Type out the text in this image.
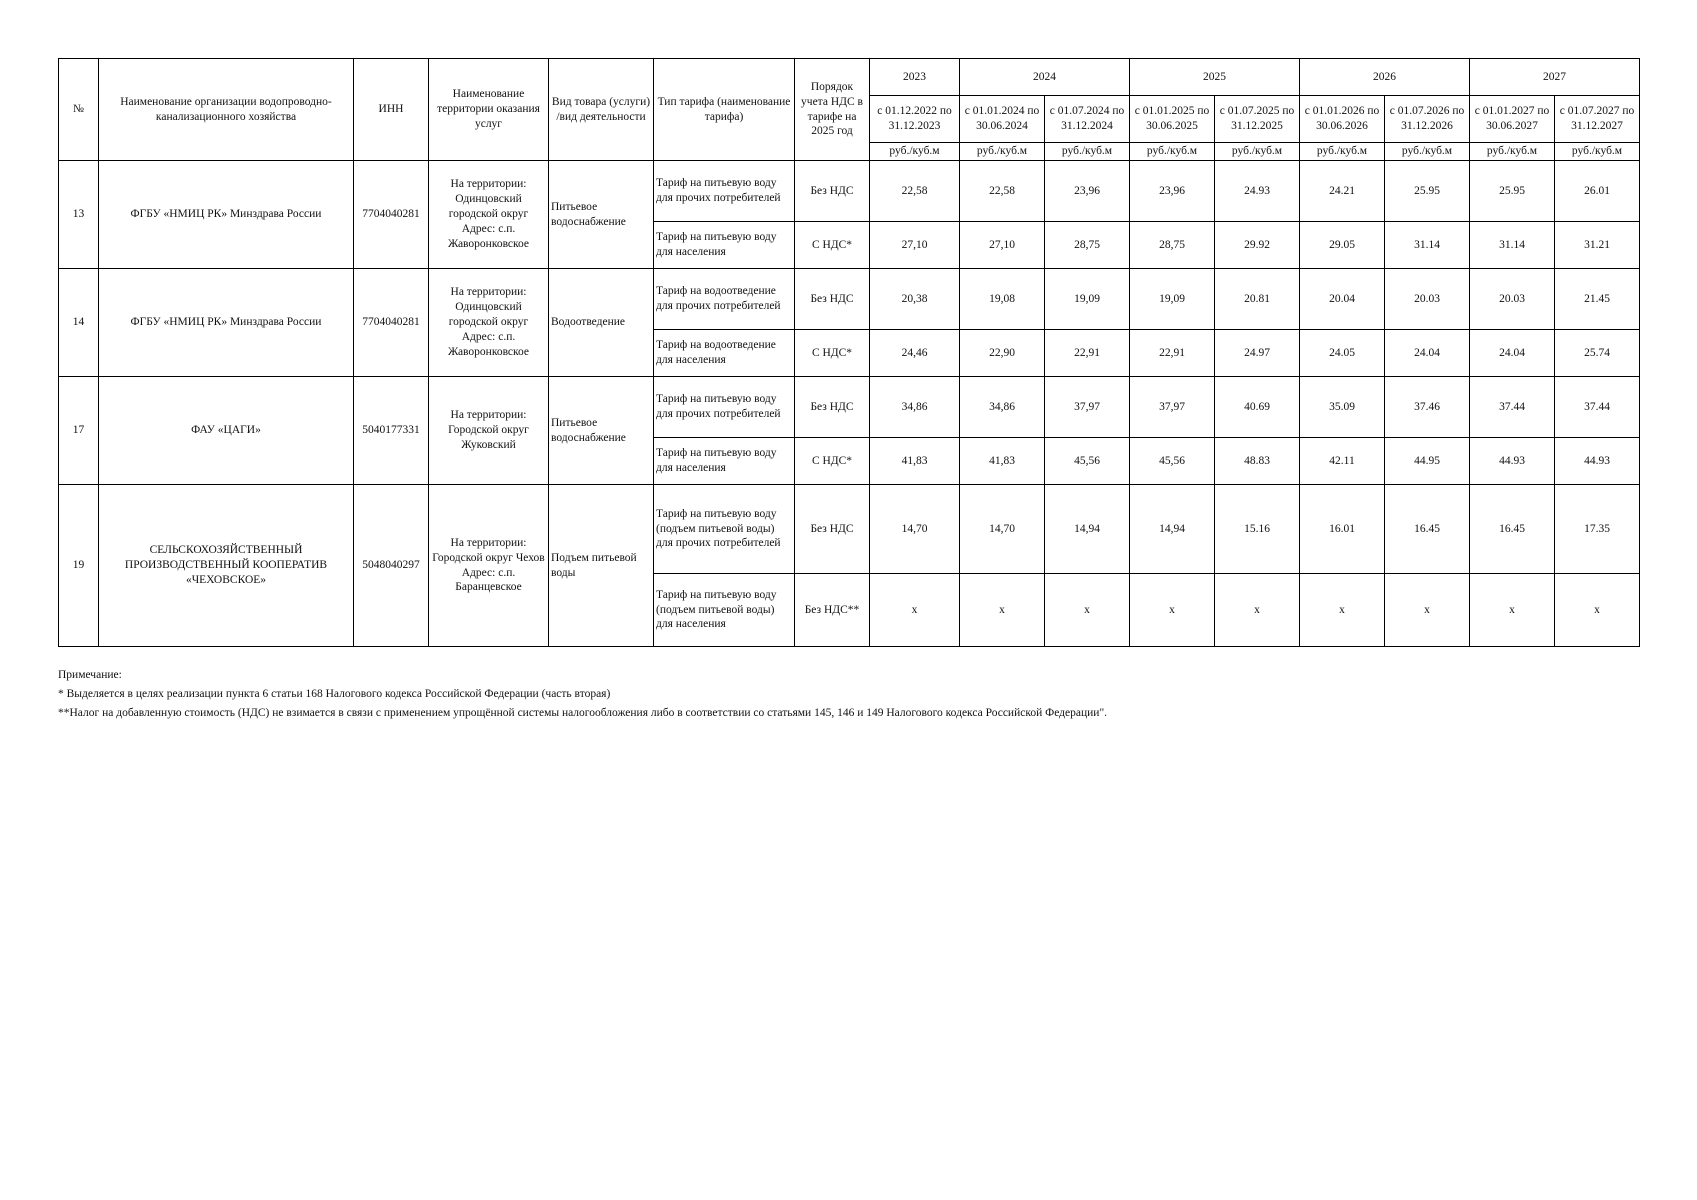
№	Наименование организации водопроводно-канализационного хозяйства	ИНН	Наименование территории оказания услуг	Вид товара (услуги) /вид деятельности	Тип тарифа (наименование тарифа)	Порядок учета НДС в тарифе на 2025 год	2023	2024		2025		2026		2027	
							с 01.12.2022 по 31.12.2023	с 01.01.2024 по 30.06.2024	с 01.07.2024 по 31.12.2024	с 01.01.2025 по 30.06.2025	с 01.07.2025 по 31.12.2025	с 01.01.2026 по 30.06.2026	с 01.07.2026 по 31.12.2026	с 01.01.2027 по 30.06.2027	с 01.07.2027 по 31.12.2027
							руб./куб.м	руб./куб.м	руб./куб.м	руб./куб.м	руб./куб.м	руб./куб.м	руб./куб.м	руб./куб.м	руб./куб.м
13	ФГБУ «НМИЦ РК» Минздрава России	7704040281	На территории: Одинцовский городской округ Адрес: с.п. Жаворонковское	Питьевое водоснабжение	Тариф на питьевую воду для прочих потребителей	Без НДС	22,58	22,58	23,96	23,96	24.93	24.21	25.95	25.95	26.01
					Тариф на питьевую воду для населения	С НДС*	27,10	27,10	28,75	28,75	29.92	29.05	31.14	31.14	31.21
14	ФГБУ «НМИЦ РК» Минздрава России	7704040281	На территории: Одинцовский городской округ Адрес: с.п. Жаворонковское	Водоотведение	Тариф на водоотведение для прочих потребителей	Без НДС	20,38	19,08	19,09	19,09	20.81	20.04	20.03	20.03	21.45
					Тариф на водоотведение для населения	С НДС*	24,46	22,90	22,91	22,91	24.97	24.05	24.04	24.04	25.74
17	ФАУ «ЦАГИ»	5040177331	На территории: Городской округ Жуковский	Питьевое водоснабжение	Тариф на питьевую воду для прочих потребителей	Без НДС	34,86	34,86	37,97	37,97	40.69	35.09	37.46	37.44	37.44
					Тариф на питьевую воду для населения	С НДС*	41,83	41,83	45,56	45,56	48.83	42.11	44.95	44.93	44.93
19	СЕЛЬСКОХОЗЯЙСТВЕННЫЙ ПРОИЗВОДСТВЕННЫЙ КООПЕРАТИВ «ЧЕХОВСКОЕ»	5048040297	На территории: Городской округ Чехов Адрес: с.п. Баранцевское	Подъем питьевой воды	Тариф на питьевую воду (подъем питьевой воды) для прочих потребителей	Без НДС	14,70	14,70	14,94	14,94	15.16	16.01	16.45	16.45	17.35
					Тариф на питьевую воду (подъем питьевой воды) для населения	Без НДС**	х	х	х	х	х	х	х	х	х
Примечание:
* Выделяется в целях реализации пункта 6 статьи 168 Налогового кодекса Российской Федерации (часть вторая)
**Налог на добавленную стоимость (НДС) не взимается в связи с применением упрощённой системы налогообложения либо в соответствии со статьями 145, 146 и 149 Налогового кодекса Российской Федерации".
